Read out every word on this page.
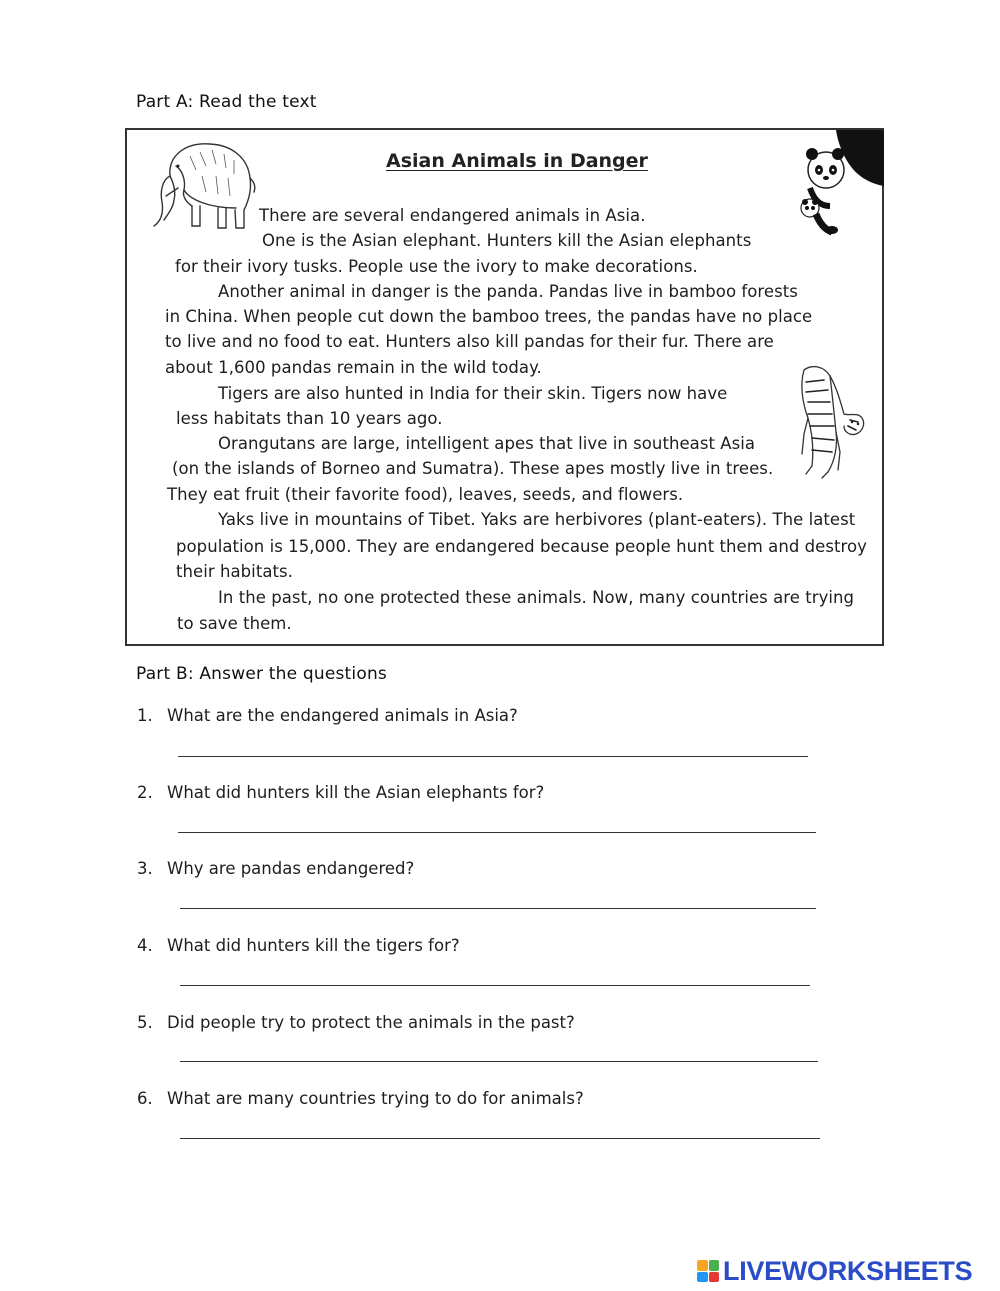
Part A: Read the text
Asian Animals in Danger
There are several endangered animals in Asia.
One is the Asian elephant. Hunters kill the Asian elephants
for their ivory tusks. People use the ivory to make decorations.
Another animal in danger is the panda. Pandas live in bamboo forests
in China. When people cut down the bamboo trees, the pandas have no place
to live and no food to eat. Hunters also kill pandas for their fur. There are
about 1,600 pandas remain in the wild today.
Tigers are also hunted in India for their skin. Tigers now have
less habitats than 10 years ago.
Orangutans are large, intelligent apes that live in southeast Asia
(on the islands of Borneo and Sumatra). These apes mostly live in trees.
They eat fruit (their favorite food), leaves, seeds, and flowers.
Yaks live in mountains of Tibet. Yaks are herbivores (plant-eaters). The latest
population is 15,000. They are endangered because people hunt them and destroy
their habitats.
In the past, no one protected these animals. Now, many countries are trying
to save them.
Part B: Answer the questions
1. What are the endangered animals in Asia?
2. What did hunters kill the Asian elephants for?
3. Why are pandas endangered?
4. What did hunters kill the tigers for?
5. Did people try to protect the animals in the past?
6. What are many countries trying to do for animals?
LIVEWORKSHEETS
